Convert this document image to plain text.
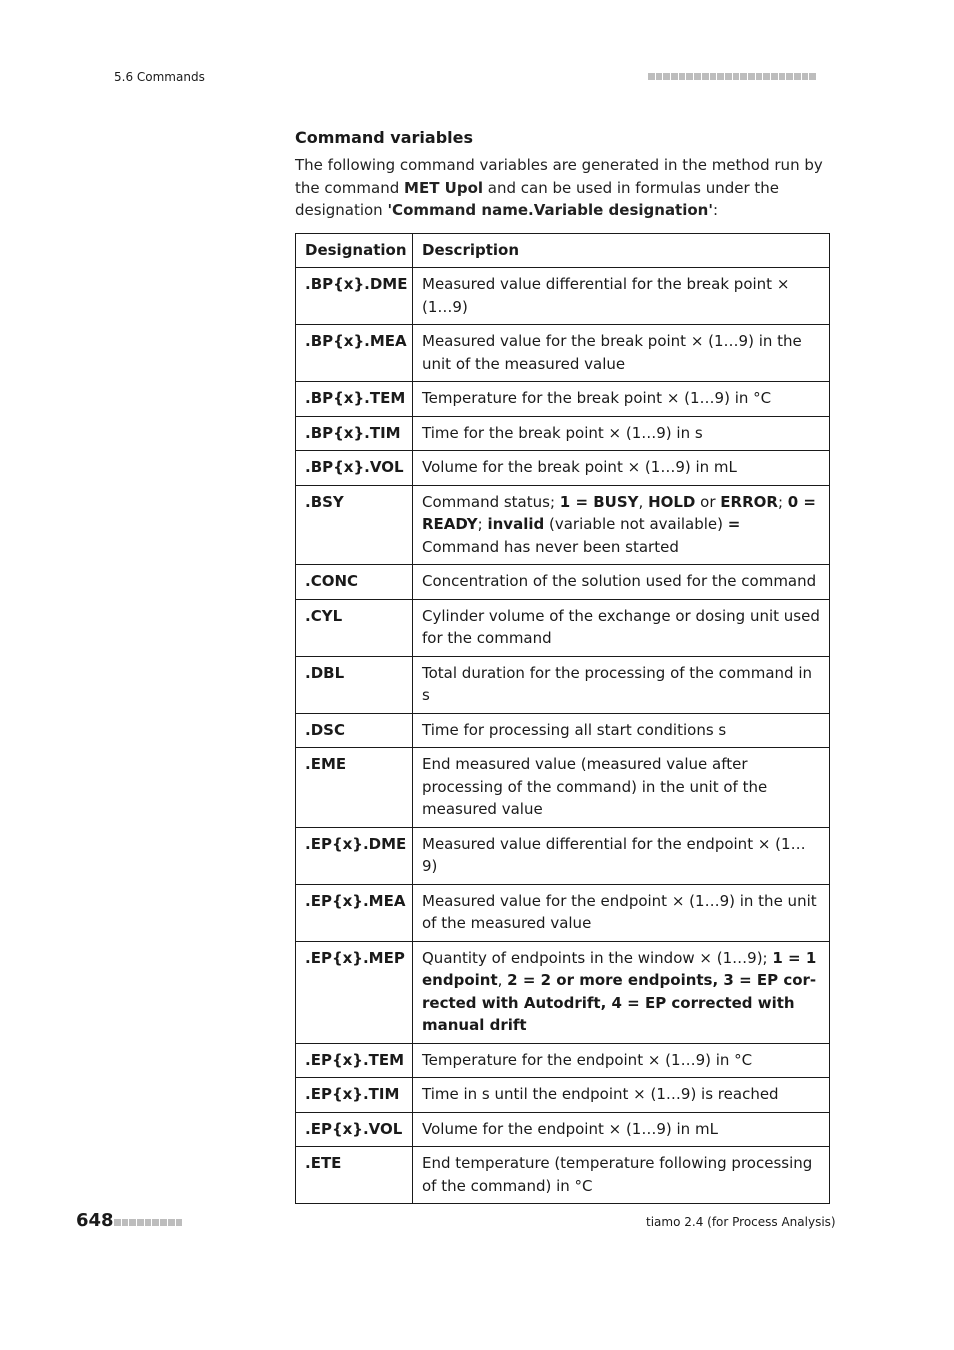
5.6 Commands
Command variables

The following command variables are generated in the method run by the command MET Upol and can be used in formulas under the designation 'Command name.Variable designation':

Designation	Description
.BP{x}.DME	Measured value differential for the break point × (1…9)
.BP{x}.MEA	Measured value for the break point × (1…9) in the unit of the measured value
.BP{x}.TEM	Temperature for the break point × (1…9) in °C
.BP{x}.TIM	Time for the break point × (1…9) in s
.BP{x}.VOL	Volume for the break point × (1…9) in mL
.BSY	Command status; 1 = BUSY, HOLD or ERROR; 0 = READY; invalid (variable not available) = Command has never been started
.CONC	Concentration of the solution used for the command
.CYL	Cylinder volume of the exchange or dosing unit used for the command
.DBL	Total duration for the processing of the command in s
.DSC	Time for processing all start conditions s
.EME	End measured value (measured value after processing of the command) in the unit of the measured value
.EP{x}.DME	Measured value differential for the endpoint × (1…9)
.EP{x}.MEA	Measured value for the endpoint × (1…9) in the unit of the measured value
.EP{x}.MEP	Quantity of endpoints in the window × (1…9); 1 = 1 endpoint, 2 = 2 or more endpoints, 3 = EP corrected with Autodrift, 4 = EP corrected with manual drift
.EP{x}.TEM	Temperature for the endpoint × (1…9) in °C
.EP{x}.TIM	Time in s until the endpoint × (1…9) is reached
.EP{x}.VOL	Volume for the endpoint × (1…9) in mL
.ETE	End temperature (temperature following processing of the command) in °C
648	tiamo 2.4 (for Process Analysis)
